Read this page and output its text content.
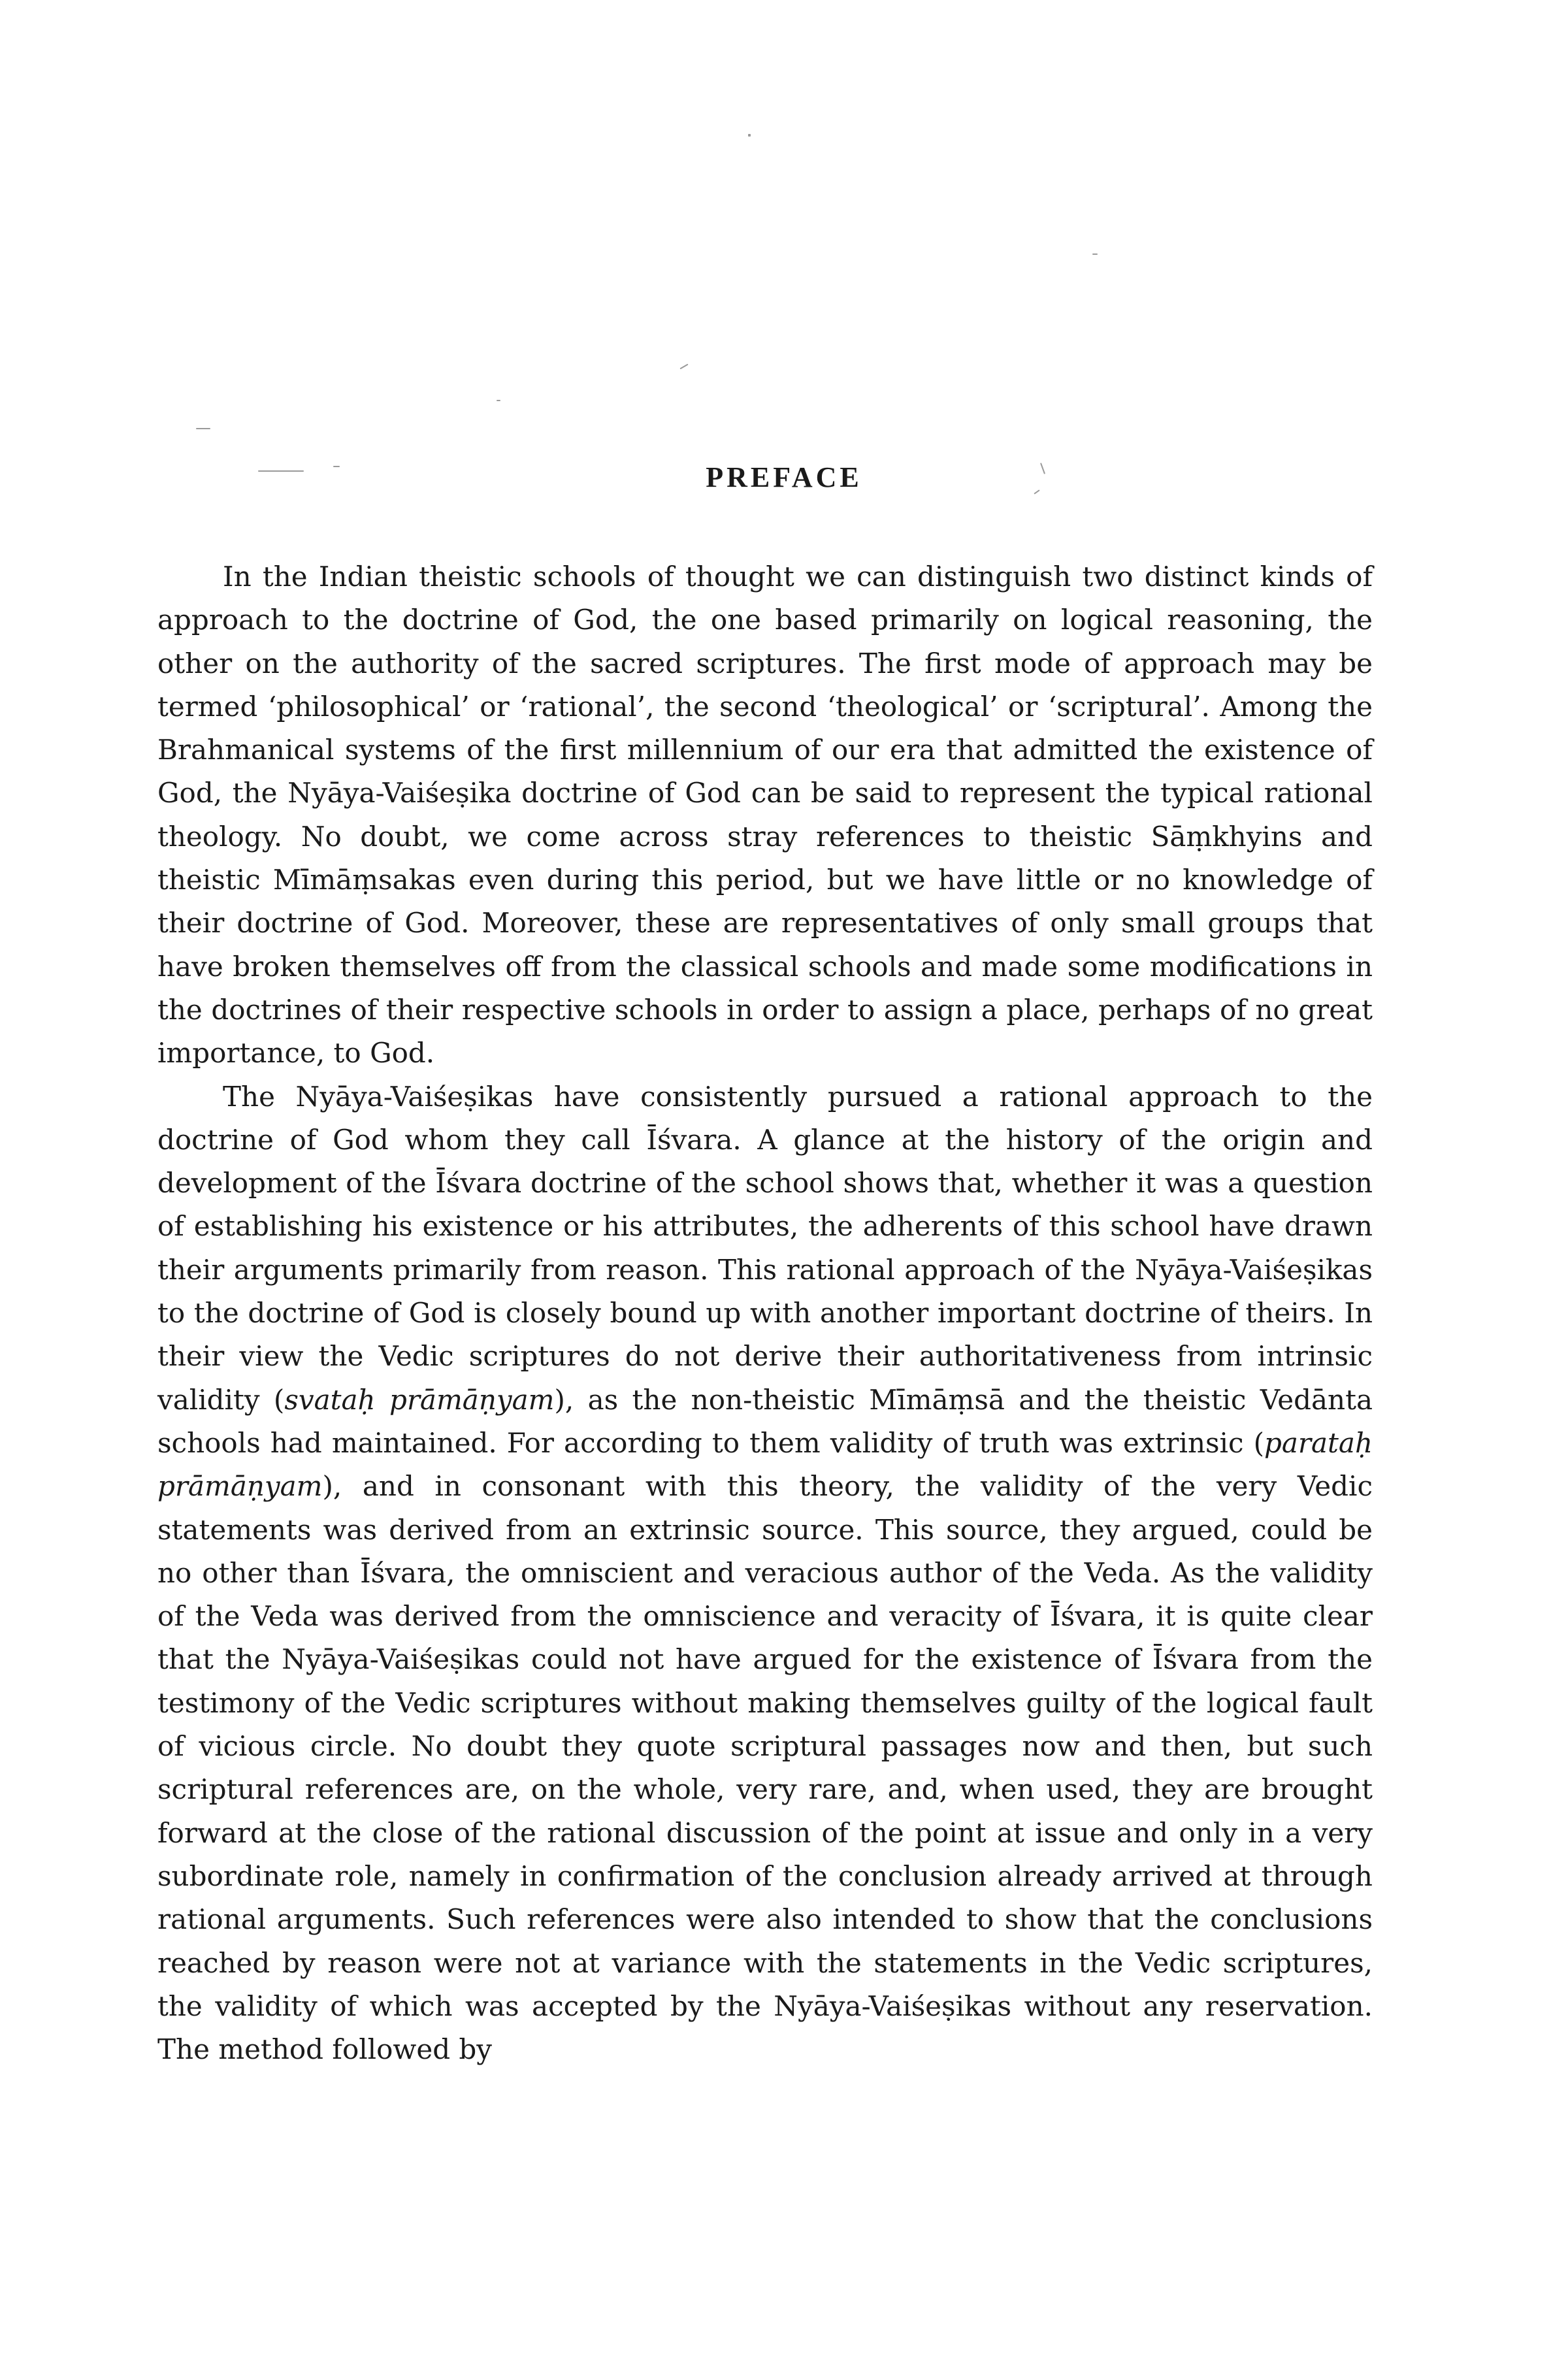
PREFACE

In the Indian theistic schools of thought we can distinguish two distinct kinds of approach to the doctrine of God, the one based primarily on logical reasoning, the other on the authority of the sacred scriptures. The first mode of approach may be termed ‘philosophical’ or ‘rational’, the second ‘theological’ or ‘scriptural’. Among the Brahmanical systems of the first millennium of our era that admitted the existence of God, the Nyāya-Vaiśeṣika doctrine of God can be said to represent the typical rational theology. No doubt, we come across stray references to theistic Sāṃkhyins and theistic Mīmāṃsakas even during this period, but we have little or no knowledge of their doctrine of God. Moreover, these are representatives of only small groups that have broken themselves off from the classical schools and made some modifications in the doctrines of their respective schools in order to assign a place, perhaps of no great importance, to God.

The Nyāya-Vaiśeṣikas have consistently pursued a rational approach to the doctrine of God whom they call Īśvara. A glance at the history of the origin and development of the Īśvara doctrine of the school shows that, whether it was a question of establishing his existence or his attributes, the adherents of this school have drawn their arguments primarily from reason. This rational approach of the Nyāya-Vaiśeṣikas to the doctrine of God is closely bound up with another important doctrine of theirs. In their view the Vedic scriptures do not derive their authoritativeness from intrinsic validity (svataḥ prāmāṇyam), as the non-theistic Mīmāṃsā and the theistic Vedānta schools had maintained. For according to them validity of truth was extrinsic (parataḥ prāmāṇyam), and in consonant with this theory, the validity of the very Vedic statements was derived from an extrinsic source. This source, they argued, could be no other than Īśvara, the omniscient and veracious author of the Veda. As the validity of the Veda was derived from the omniscience and veracity of Īśvara, it is quite clear that the Nyāya-Vaiśeṣikas could not have argued for the existence of Īśvara from the testimony of the Vedic scriptures without making themselves guilty of the logical fault of vicious circle. No doubt they quote scriptural passages now and then, but such scriptural references are, on the whole, very rare, and, when used, they are brought forward at the close of the rational discussion of the point at issue and only in a very subordinate role, namely in confirmation of the conclusion already arrived at through rational arguments. Such references were also intended to show that the conclusions reached by reason were not at variance with the statements in the Vedic scriptures, the validity of which was accepted by the Nyāya-Vaiśeṣikas without any reservation. The method followed by
